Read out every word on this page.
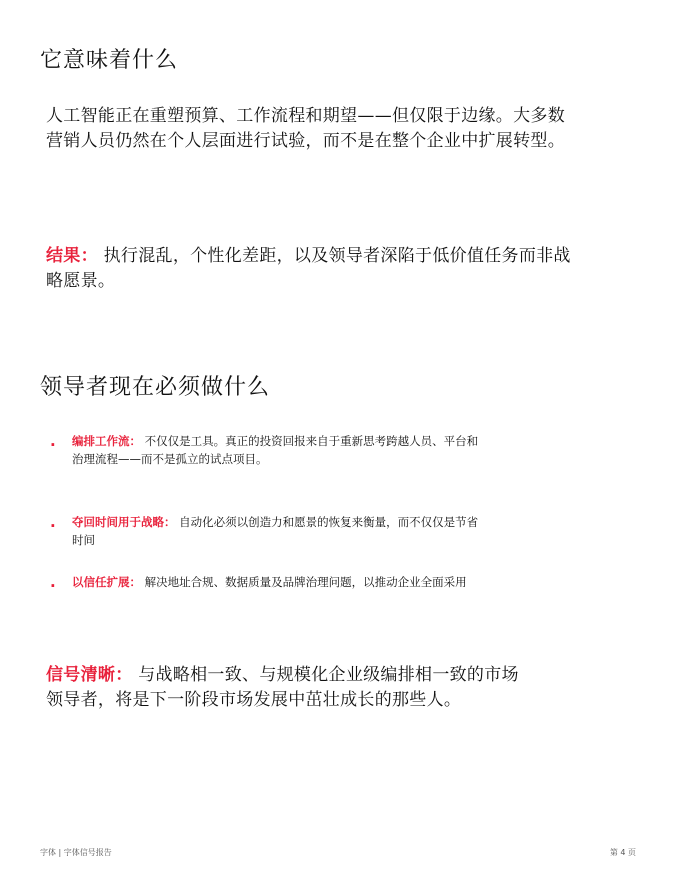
它意味着什么

人工智能正在重塑预算、工作流程和期望——但仅限于边缘。大多数营销人员仍然在个人层面进行试验，而不是在整个企业中扩展转型。

结果： 执行混乱，个性化差距，以及领导者深陷于低价值任务而非战略愿景。

领导者现在必须做什么
. 编排工作流： 不仅仅是工具。真正的投资回报来自于重新思考跨越人员、平台和治理流程——而不是孤立的试点项目。
. 夺回时间用于战略： 自动化必须以创造力和愿景的恢复来衡量，而不仅仅是节省时间
. 以信任扩展： 解决地址合规、数据质量及品牌治理问题，以推动企业全面采用

信号清晰： 与战略相一致、与规模化企业级编排相一致的市场领导者，将是下一阶段市场发展中茁壮成长的那些人。

字体 | 字体信号报告	第 4 页
